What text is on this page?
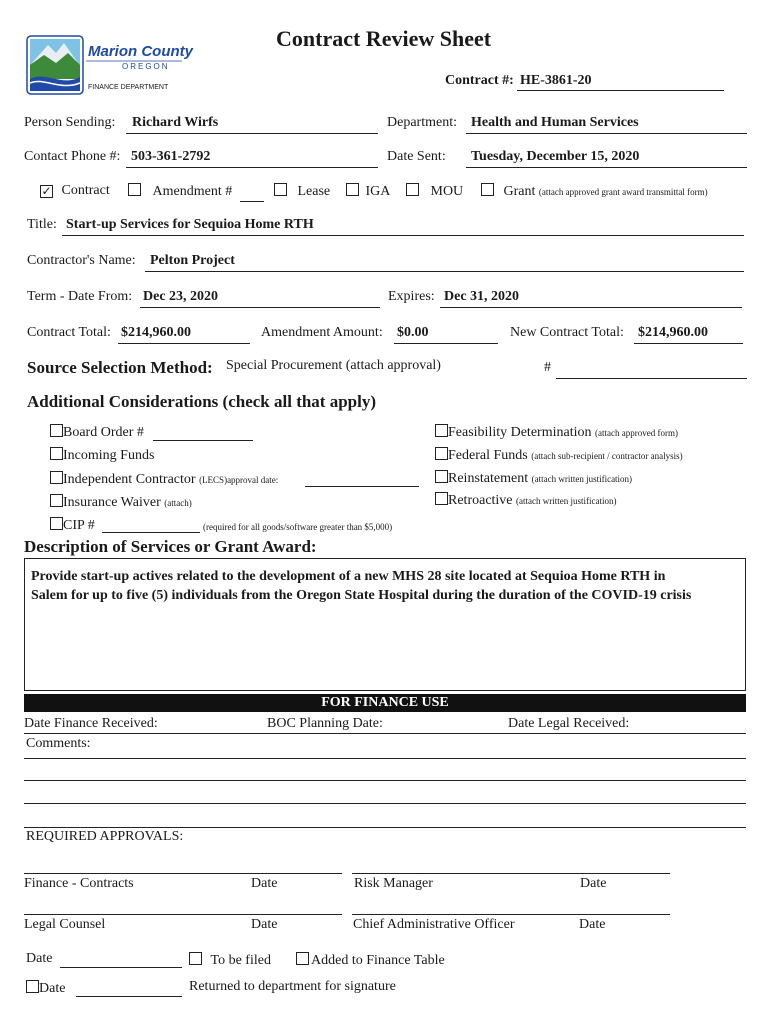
Marion County
OREGON
FINANCE DEPARTMENT
Contract Review Sheet
Contract #: HE-3861-20
Person Sending: Richard Wirfs	Department: Health and Human Services
Contact Phone #: 503-361-2792	Date Sent: Tuesday, December 15, 2020
✓ Contract	Amendment #	Lease	IGA	MOU	Grant (attach approved grant award transmittal form)
Title: Start-up Services for Sequioa Home RTH
Contractor's Name: Pelton Project
Term - Date From: Dec 23, 2020	Expires: Dec 31, 2020
Contract Total: $214,960.00	Amendment Amount: $0.00	New Contract Total: $214,960.00
Source Selection Method: Special Procurement (attach approval)	#
Additional Considerations (check all that apply)
Board Order #
Incoming Funds
Independent Contractor (LECS)approval date:
Insurance Waiver (attach)
CIP #	(required for all goods/software greater than $5,000)
Feasibility Determination (attach approved form)
Federal Funds (attach sub-recipient / contractor analysis)
Reinstatement (attach written justification)
Retroactive (attach written justification)
Description of Services or Grant Award:
Provide start-up actives related to the development of a new MHS 28 site located at Sequioa Home RTH in
Salem for up to five (5) individuals from the Oregon State Hospital during the duration of the COVID-19 crisis
FOR FINANCE USE
Date Finance Received:	BOC Planning Date:	Date Legal Received:
Comments:
REQUIRED APPROVALS:
Finance - Contracts	Date	Risk Manager	Date
Legal Counsel	Date	Chief Administrative Officer	Date
Date	To be filed	Added to Finance Table
Date	Returned to department for signature
